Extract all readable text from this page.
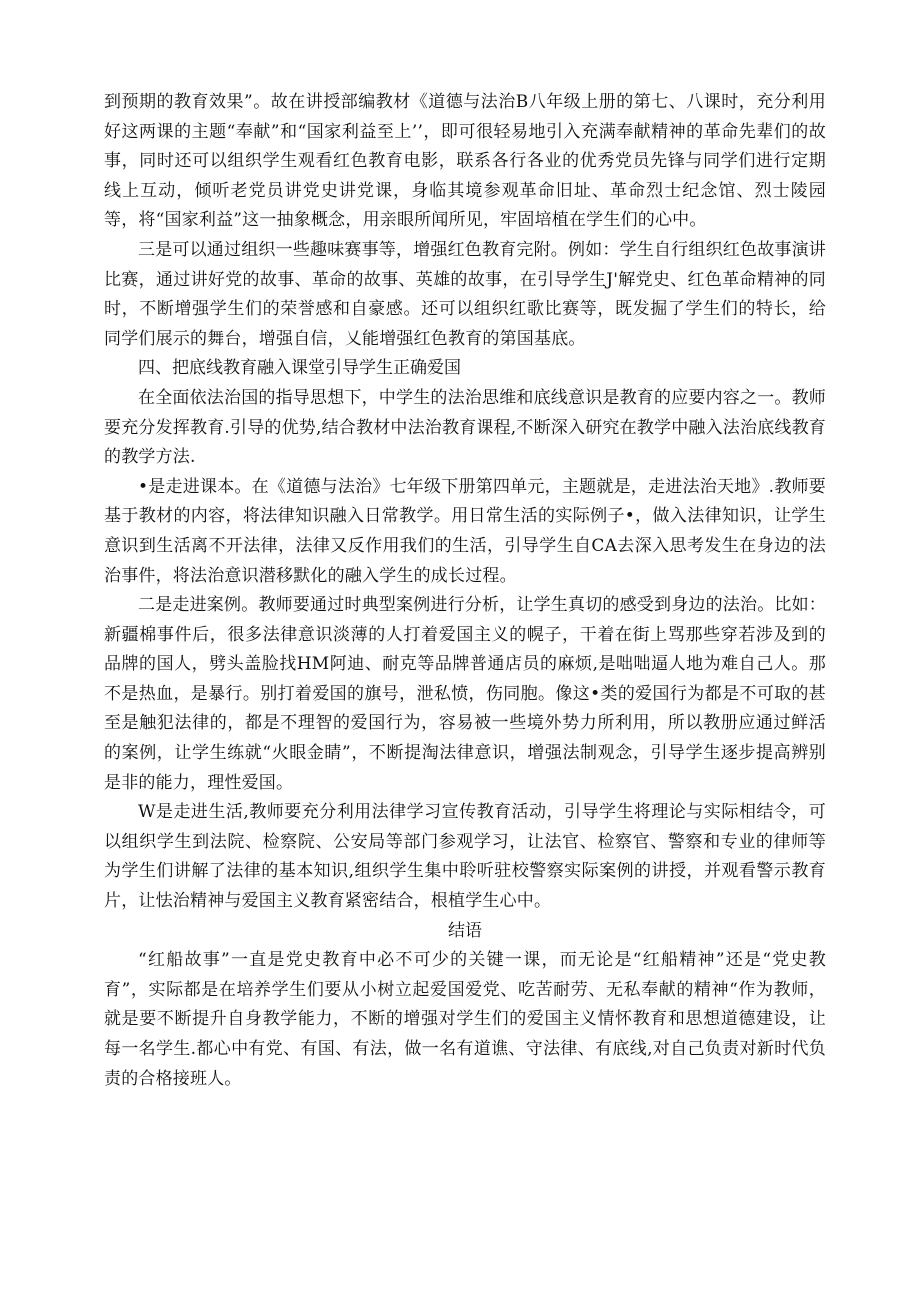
到预期的教育效果”。故在讲授部编教材《道德与法治B八年级上册的第七、八课时，充分利用好这两课的主题“奉献”和“国家利益至上’’，即可很轻易地引入充满奉献精神的革命先辈们的故事，同时还可以组织学生观看红色教育电影，联系各行各业的优秀党员先锋与同学们进行定期线上互动，倾听老党员讲党史讲党课，身临其境参观革命旧址、革命烈士纪念馆、烈士陵园等，将“国家利益”这一抽象概念，用亲眼所闻所见，牢固培植在学生们的心中。

三是可以通过组织一些趣味赛事等，增强红色教育完附。例如：学生自行组织红色故事演讲比赛，通过讲好党的故事、革命的故事、英雄的故事，在引导学生J'解党史、红色革命精神的同时，不断增强学生们的荣誉感和自豪感。还可以组织红歌比赛等，既发掘了学生们的特长，给同学们展示的舞台，增强自信，乂能增强红色教育的第国基底。

四、把底线教育融入课堂引导学生正确爱国

在全面依法治国的指导思想下，中学生的法治思维和底线意识是教育的应要内容之一。教师要充分发挥教育.引导的优势,结合教材中法治教育课程,不断深入研究在教学中融入法治底线教育的教学方法.

•是走进课本。在《道德与法治》七年级下册第四单元，主题就是，走进法治天地》.教师要基于教材的内容，将法律知识融入日常教学。用日常生活的实际例子•，做入法律知识，让学生意识到生活离不开法律，法律又反作用我们的生活，引导学生自CA去深入思考发生在身边的法治事件，将法治意识潜移默化的融入学生的成长过程。

二是走进案例。教师要通过时典型案例进行分析，让学生真切的感受到身边的法治。比如：新疆棉事件后，很多法律意识淡薄的人打着爱国主义的幌子，干着在街上骂那些穿若涉及到的品牌的国人，劈头盖脸找HM阿迪、耐克等品牌普通店员的麻烦,是咄咄逼人地为难自己人。那不是热血，是暴行。别打着爱国的旗号，泄私愤，伤同胞。像这•类的爱国行为都是不可取的甚至是触犯法律的，都是不理智的爱国行为，容易被一些境外势力所利用，所以教册应通过鲜活的案例，让学生练就“火眼金睛”，不断提淘法律意识，增强法制观念，引导学生逐步提高辨别是非的能力，理性爱国。

W是走进生活,教师要充分利用法律学习宣传教育活动，引导学生将理论与实际相结令，可以组织学生到法院、检察院、公安局等部门参观学习，让法官、检察官、警察和专业的律师等为学生们讲解了法律的基本知识,组织学生集中聆听驻校警察实际案例的讲授，并观看警示教育片，让怯治精神与爱国主义教育紧密结合，根植学生心中。

结语

“红船故事”一直是党史教育中必不可少的关键一课，而无论是“红船精神”还是“党史教育”，实际都是在培养学生们要从小树立起爱国爱党、吃苦耐劳、无私奉献的精神“作为教师，就是要不断提升自身教学能力，不断的增强对学生们的爱国主义情怀教育和思想道德建设，让每一名学生.都心中有党、有国、有法，做一名有道谯、守法律、有底线,对自己负责对新时代负责的合格接班人。
